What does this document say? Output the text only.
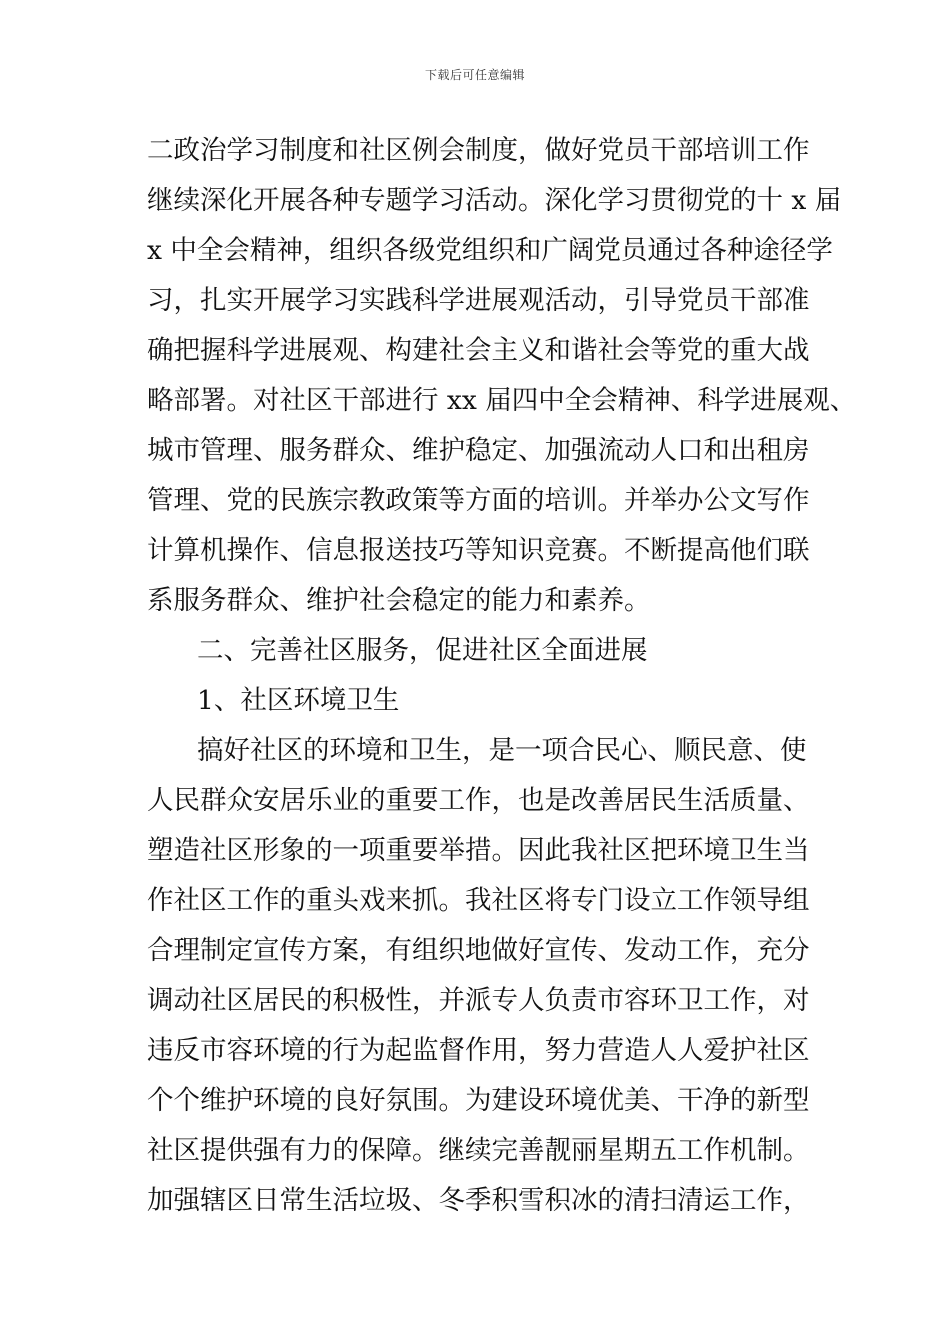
下载后可任意编辑
二政治学习制度和社区例会制度，做好党员干部培训工作
继续深化开展各种专题学习活动。深化学习贯彻党的十 x 届
x 中全会精神，组织各级党组织和广阔党员通过各种途径学
习，扎实开展学习实践科学进展观活动，引导党员干部准
确把握科学进展观、构建社会主义和谐社会等党的重大战
略部署。对社区干部进行 xx 届四中全会精神、科学进展观、
城市管理、服务群众、维护稳定、加强流动人口和出租房
管理、党的民族宗教政策等方面的培训。并举办公文写作
计算机操作、信息报送技巧等知识竞赛。不断提高他们联
系服务群众、维护社会稳定的能力和素养。
二、完善社区服务，促进社区全面进展
1、社区环境卫生
搞好社区的环境和卫生，是一项合民心、顺民意、使
人民群众安居乐业的重要工作，也是改善居民生活质量、
塑造社区形象的一项重要举措。因此我社区把环境卫生当
作社区工作的重头戏来抓。我社区将专门设立工作领导组
合理制定宣传方案，有组织地做好宣传、发动工作，充分
调动社区居民的积极性，并派专人负责市容环卫工作，对
违反市容环境的行为起监督作用，努力营造人人爱护社区
个个维护环境的良好氛围。为建设环境优美、干净的新型
社区提供强有力的保障。继续完善靓丽星期五工作机制。
加强辖区日常生活垃圾、冬季积雪积冰的清扫清运工作，
